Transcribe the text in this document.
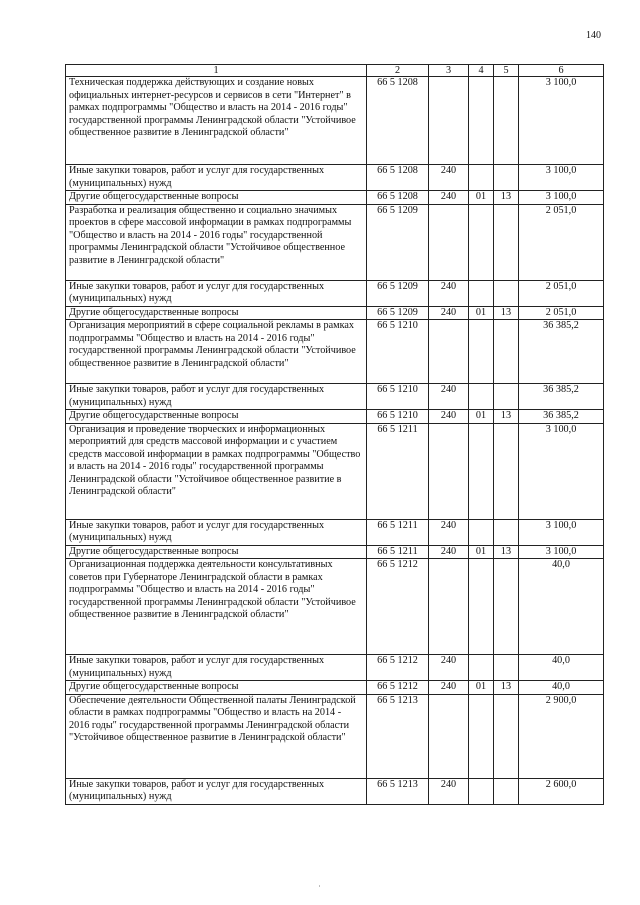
140
1	2	3	4	5	6
Техническая поддержка действующих и создание новых официальных интернет-ресурсов и сервисов в сети "Интернет" в рамках подпрограммы "Общество и власть на 2014 - 2016 годы" государственной программы Ленинградской области "Устойчивое общественное развитие в Ленинградской области"	66 5 1208				3 100,0
Иные закупки товаров, работ и услуг для государственных (муниципальных) нужд	66 5 1208	240			3 100,0
Другие общегосударственные вопросы	66 5 1208	240	01	13	3 100,0
Разработка и реализация общественно и социально значимых проектов в сфере массовой информации в рамках подпрограммы "Общество и власть на 2014 - 2016 годы" государственной программы Ленинградской области "Устойчивое общественное развитие в Ленинградской области"	66 5 1209				2 051,0
Иные закупки товаров, работ и услуг для государственных (муниципальных) нужд	66 5 1209	240			2 051,0
Другие общегосударственные вопросы	66 5 1209	240	01	13	2 051,0
Организация мероприятий в сфере социальной рекламы в рамках подпрограммы "Общество и власть на 2014 - 2016 годы" государственной программы Ленинградской области "Устойчивое общественное развитие в Ленинградской области"	66 5 1210				36 385,2
Иные закупки товаров, работ и услуг для государственных (муниципальных) нужд	66 5 1210	240			36 385,2
Другие общегосударственные вопросы	66 5 1210	240	01	13	36 385,2
Организация и проведение творческих и информационных мероприятий для средств массовой информации и с участием средств массовой информации в рамках подпрограммы "Общество и власть на 2014 - 2016 годы" государственной программы Ленинградской области "Устойчивое общественное развитие в Ленинградской области"	66 5 1211				3 100,0
Иные закупки товаров, работ и услуг для государственных (муниципальных) нужд	66 5 1211	240			3 100,0
Другие общегосударственные вопросы	66 5 1211	240	01	13	3 100,0
Организационная поддержка деятельности консультативных советов при Губернаторе Ленинградской области в рамках подпрограммы "Общество и власть на 2014 - 2016 годы" государственной программы Ленинградской области "Устойчивое общественное развитие в Ленинградской области"	66 5 1212				40,0
Иные закупки товаров, работ и услуг для государственных (муниципальных) нужд	66 5 1212	240			40,0
Другие общегосударственные вопросы	66 5 1212	240	01	13	40,0
Обеспечение деятельности Общественной палаты Ленинградской области в рамках подпрограммы "Общество и власть на 2014 - 2016 годы" государственной программы Ленинградской области "Устойчивое общественное развитие в Ленинградской области"	66 5 1213				2 900,0
Иные закупки товаров, работ и услуг для государственных (муниципальных) нужд	66 5 1213	240			2 600,0
˙
